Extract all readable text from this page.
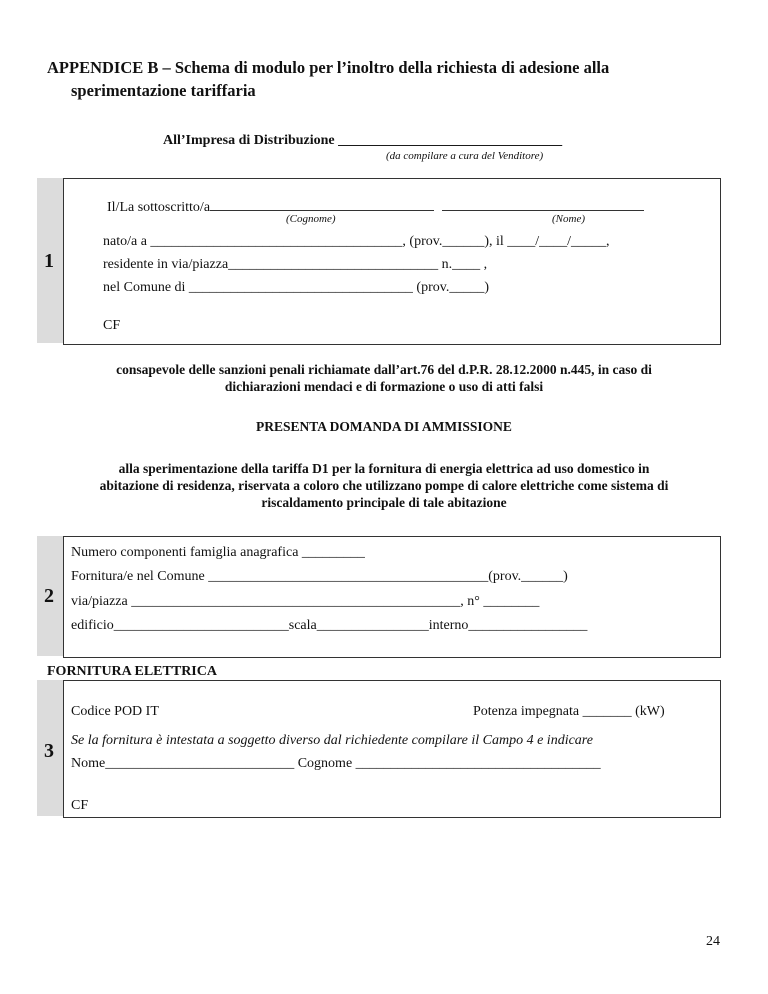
APPENDICE B – Schema di modulo per l’inoltro della richiesta di adesione alla
sperimentazione tariffaria
All’Impresa di Distribuzione ________________________________
(da compilare a cura del Venditore)
1
Il/La sottoscritto/a
(Cognome)	(Nome)
nato/a a ____________________________________, (prov.______), il ____/____/_____,
residente in via/piazza______________________________ n.____ ,
nel Comune di ________________________________ (prov._____)
CF
consapevole delle sanzioni penali richiamate dall’art.76 del d.P.R. 28.12.2000 n.445, in caso di
dichiarazioni mendaci e di formazione o uso di atti falsi
PRESENTA DOMANDA DI AMMISSIONE
alla sperimentazione della tariffa D1 per la fornitura di energia elettrica ad uso domestico in
abitazione di residenza, riservata a coloro che utilizzano pompe di calore elettriche come sistema di
riscaldamento principale di tale abitazione
2
Numero componenti famiglia anagrafica _________
Fornitura/e nel Comune ________________________________________(prov.______)
via/piazza _______________________________________________, n° ________
edificio_________________________scala________________interno_________________
FORNITURA ELETTRICA
3
Codice POD IT	Potenza impegnata _______ (kW)
Se la fornitura è intestata a soggetto diverso dal richiedente compilare il Campo 4 e indicare
Nome___________________________ Cognome ___________________________________
CF
24
